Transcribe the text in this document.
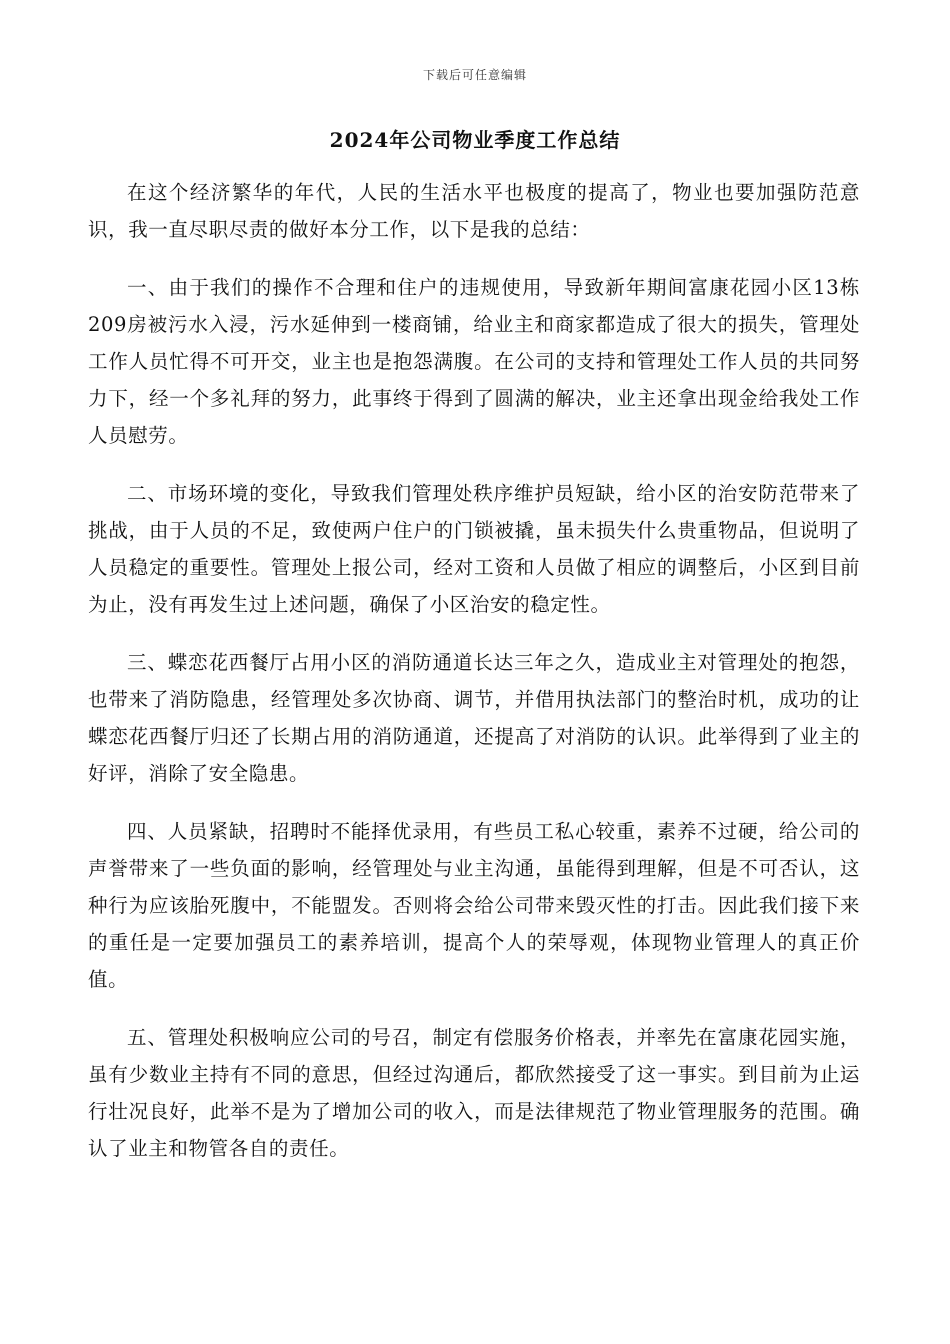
下载后可任意编辑
2024年公司物业季度工作总结

在这个经济繁华的年代，人民的生活水平也极度的提高了，物业也要加强防范意识，我一直尽职尽责的做好本分工作，以下是我的总结：

一、由于我们的操作不合理和住户的违规使用，导致新年期间富康花园小区13栋209房被污水入浸，污水延伸到一楼商铺，给业主和商家都造成了很大的损失，管理处工作人员忙得不可开交，业主也是抱怨满腹。在公司的支持和管理处工作人员的共同努力下，经一个多礼拜的努力，此事终于得到了圆满的解决，业主还拿出现金给我处工作人员慰劳。

二、市场环境的变化，导致我们管理处秩序维护员短缺，给小区的治安防范带来了挑战，由于人员的不足，致使两户住户的门锁被撬，虽未损失什么贵重物品，但说明了人员稳定的重要性。管理处上报公司，经对工资和人员做了相应的调整后，小区到目前为止，没有再发生过上述问题，确保了小区治安的稳定性。

三、蝶恋花西餐厅占用小区的消防通道长达三年之久，造成业主对管理处的抱怨，也带来了消防隐患，经管理处多次协商、调节，并借用执法部门的整治时机，成功的让蝶恋花西餐厅归还了长期占用的消防通道，还提高了对消防的认识。此举得到了业主的好评，消除了安全隐患。

四、人员紧缺，招聘时不能择优录用，有些员工私心较重，素养不过硬，给公司的声誉带来了一些负面的影响，经管理处与业主沟通，虽能得到理解，但是不可否认，这种行为应该胎死腹中，不能盟发。否则将会给公司带来毁灭性的打击。因此我们接下来的重任是一定要加强员工的素养培训，提高个人的荣辱观，体现物业管理人的真正价值。

五、管理处积极响应公司的号召，制定有偿服务价格表，并率先在富康花园实施，虽有少数业主持有不同的意思，但经过沟通后，都欣然接受了这一事实。到目前为止运行壮况良好，此举不是为了增加公司的收入，而是法律规范了物业管理服务的范围。确认了业主和物管各自的责任。
